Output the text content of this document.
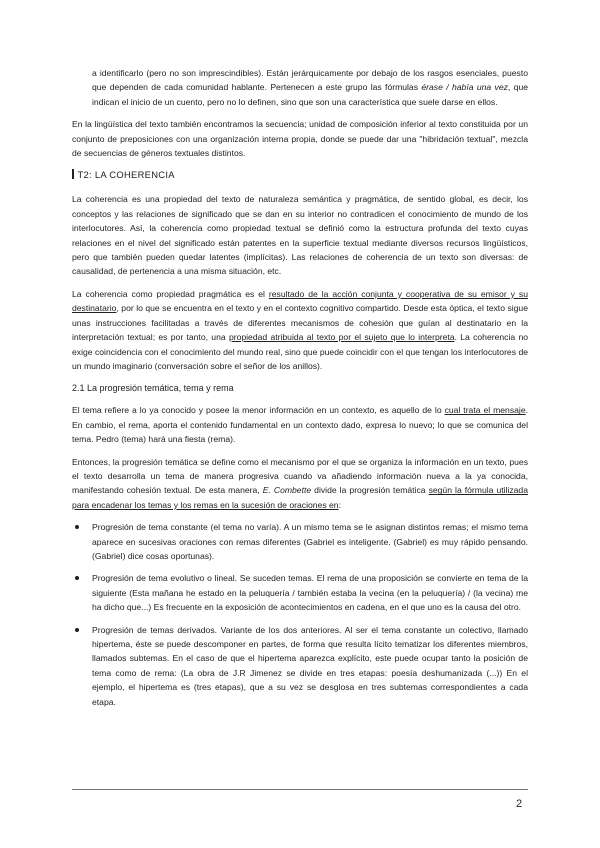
a identificarlo (pero no son imprescindibles). Están jerárquicamente por debajo de los rasgos esenciales, puesto que dependen de cada comunidad hablante. Pertenecen a este grupo las fórmulas érase / había una vez, que indican el inicio de un cuento, pero no lo definen, sino que son una característica que suele darse en ellos.

En la lingüística del texto también encontramos la secuencia; unidad de composición inferior al texto constituida por un conjunto de preposiciones con una organización interna propia, donde se puede dar una "hibridación textual", mezcla de secuencias de géneros textuales distintos.

T2: LA COHERENCIA

La coherencia es una propiedad del texto de naturaleza semántica y pragmática, de sentido global, es decir, los conceptos y las relaciones de significado que se dan en su interior no contradicen el conocimiento de mundo de los interlocutores. Así, la coherencia como propiedad textual se definió como la estructura profunda del texto cuyas relaciones en el nivel del significado están patentes en la superficie textual mediante diversos recursos lingüísticos, pero que también pueden quedar latentes (implícitas). Las relaciones de coherencia de un texto son diversas: de causalidad, de pertenencia a una misma situación, etc.

La coherencia como propiedad pragmática es el resultado de la acción conjunta y cooperativa de su emisor y su destinatario, por lo que se encuentra en el texto y en el contexto cognitivo compartido. Desde esta óptica, el texto sigue unas instrucciones facilitadas a través de diferentes mecanismos de cohesión que guían al destinatario en la interpretación textual; es por tanto, una propiedad atribuida al texto por el sujeto que lo interpreta. La coherencia no exige coincidencia con el conocimiento del mundo real, sino que puede coincidir con el que tengan los interlocutores de un mundo imaginario (conversación sobre el señor de los anillos).

2.1 La progresión temática, tema y rema

El tema refiere a lo ya conocido y posee la menor información en un contexto, es aquello de lo cual trata el mensaje. En cambio, el rema, aporta el contenido fundamental en un contexto dado, expresa lo nuevo; lo que se comunica del tema. Pedro (tema) hará una fiesta (rema).

Entonces, la progresión temática se define como el mecanismo por el que se organiza la información en un texto, pues el texto desarrolla un tema de manera progresiva cuando va añadiendo información nueva a la ya conocida, manifestando cohesión textual. De esta manera, E. Combette divide la progresión temática según la fórmula utilizada para encadenar los temas y los remas en la sucesión de oraciones en:

Progresión de tema constante (el tema no varía). A un mismo tema se le asignan distintos remas; el mismo tema aparece en sucesivas oraciones con remas diferentes (Gabriel es inteligente. (Gabriel) es muy rápido pensando. (Gabriel) dice cosas oportunas).

Progresión de tema evolutivo o lineal. Se suceden temas. El rema de una proposición se convierte en tema de la siguiente (Esta mañana he estado en la peluquería / también estaba la vecina (en la peluquería) / (la vecina) me ha dicho que...) Es frecuente en la exposición de acontecimientos en cadena, en el que uno es la causa del otro.

Progresión de temas derivados. Variante de los dos anteriores. Al ser el tema constante un colectivo, llamado hipertema, éste se puede descomponer en partes, de forma que resulta lícito tematizar los diferentes miembros, llamados subtemas. En el caso de que el hipertema aparezca explícito, este puede ocupar tanto la posición de tema como de rema: (La obra de J.R Jimenez se divide en tres etapas: poesía deshumanizada (...)) En el ejemplo, el hipertema es (tres etapas), que a su vez se desglosa en tres subtemas correspondientes a cada etapa.

2
